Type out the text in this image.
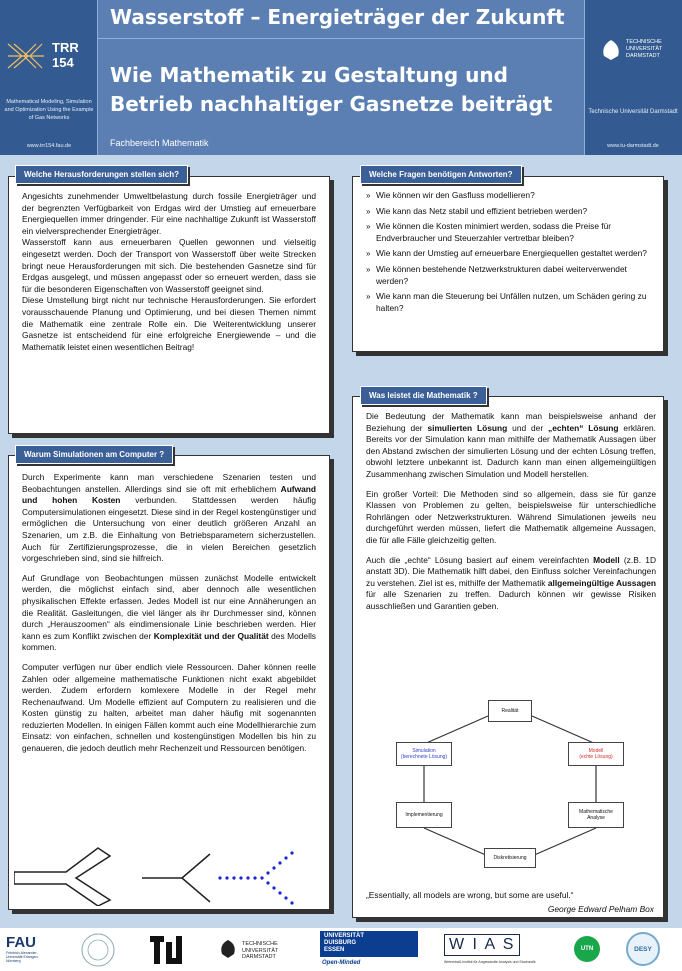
Wasserstoff – Energieträger der Zukunft
Wie Mathematik zu Gestaltung und
Betrieb nachhaltiger Gasnetze beiträgt
Fachbereich Mathematik
TRR 154
Mathematical Modeling, Simulation and Optimization Using the Example of Gas Networks
www.trr154.fau.de
TECHNISCHE UNIVERSITÄT DARMSTADT
Technische Universität Darmstadt
www.tu-darmstadt.de
Welche Herausforderungen stellen sich?

Angesichts zunehmender Umweltbelastung durch fossile Energieträger und der begrenzten Verfügbarkeit von Erdgas wird der Umstieg auf erneuerbare Energiequellen immer dringender. Für eine nachhaltige Zukunft ist Wasserstoff ein vielversprechender Energieträger.

Wasserstoff kann aus erneuerbaren Quellen gewonnen und vielseitig eingesetzt werden. Doch der Transport von Wasserstoff über weite Strecken bringt neue Herausforderungen mit sich. Die bestehenden Gasnetze sind für Erdgas ausgelegt, und müssen angepasst oder so erneuert werden, dass sie für die besonderen Eigenschaften von Wasserstoff geeignet sind.

Diese Umstellung birgt nicht nur technische Herausforderungen. Sie erfordert vorausschauende Planung und Optimierung, und bei diesen Themen nimmt die Mathematik eine zentrale Rolle ein. Die Weiterentwicklung unserer Gasnetze ist entscheidend für eine erfolgreiche Energiewende – und die Mathematik leistet einen wesentlichen Beitrag!

Welche Fragen benötigen Antworten?
» Wie können wir den Gasfluss modellieren?
» Wie kann das Netz stabil und effizient betrieben werden?
» Wie können die Kosten minimiert werden, sodass die Preise für Endverbraucher und Steuerzahler vertretbar bleiben?
» Wie kann der Umstieg auf erneuerbare Energiequellen gestaltet werden?
» Wie können bestehende Netzwerkstrukturen dabei weiterverwendet werden?
» Wie kann man die Steuerung bei Unfällen nutzen, um Schäden gering zu halten?
Warum Simulationen am Computer ?

Durch Experimente kann man verschiedene Szenarien testen und Beobachtungen anstellen. Allerdings sind sie oft mit erheblichem Aufwand und hohen Kosten verbunden. Stattdessen werden häufig Computersimulationen eingesetzt. Diese sind in der Regel kostengünstiger und ermöglichen die Untersuchung von einer deutlich größeren Anzahl an Szenarien, um z.B. die Einhaltung von Betriebsparametern sicherzustellen. Auch für Zertifizierungsprozesse, die in vielen Bereichen gesetzlich vorgeschrieben sind, sind sie hilfreich.

Auf Grundlage von Beobachtungen müssen zunächst Modelle entwickelt werden, die möglichst einfach sind, aber dennoch alle wesentlichen physikalischen Effekte erfassen. Jedes Modell ist nur eine Annäherungen an die Realität. Gasleitungen, die viel länger als ihr Durchmesser sind, können durch „Herauszoomen“ als eindimensionale Linie beschrieben werden. Hier kann es zum Konflikt zwischen der Komplexität und der Qualität des Modells kommen.

Computer verfügen nur über endlich viele Ressourcen. Daher können reelle Zahlen oder allgemeine mathematische Funktionen nicht exakt abgebildet werden. Zudem erfordern komlexere Modelle in der Regel mehr Rechenaufwand. Um Modelle effizient auf Computern zu realisieren und die Kosten günstig zu halten, arbeitet man daher häufig mit sogenannten reduzierten Modellen. In einigen Fällen kommt auch eine Modellhierarchie zum Einsatz: von einfachen, schnellen und kostengünstigen Modellen bis hin zu genaueren, die jedoch deutlich mehr Rechenzeit und Ressourcen benötigen.

Was leistet die Mathematik ?

Die Bedeutung der Mathematik kann man beispielsweise anhand der Beziehung der simulierten Lösung und der „echten“ Lösung erklären. Bereits vor der Simulation kann man mithilfe der Mathematik Aussagen über den Abstand zwischen der simulierten Lösung und der echten Lösung treffen, obwohl letztere unbekannt ist. Dadurch kann man einen allgemeingültigen Zusammenhang zwischen Simulation und Modell herstellen.

Ein großer Vorteil: Die Methoden sind so allgemein, dass sie für ganze Klassen von Problemen zu gelten, beispielsweise für unterschiedliche Rohrlängen oder Netzwerkstrukturen. Während Simulationen jeweils neu durchgeführt werden müssen, liefert die Mathematik allgemeine Aussagen, die für alle Fälle gleichzeitig gelten.

Auch die „echte“ Lösung basiert auf einem vereinfachten Modell (z.B. 1D anstatt 3D). Die Mathematik hilft dabei, den Einfluss solcher Vereinfachungen zu verstehen. Ziel ist es, mithilfe der Mathematik allgemeingültige Aussagen für alle Szenarien zu treffen. Dadurch können wir gewisse Risiken ausschließen und Garantien geben.

Realität
Simulation
(berechnete Lösung)
Modell
(echte Lösung)
Implementierung	Mathematische
Analyse
Diskretisierung
„Essentially, all models are wrong, but some are useful.“
George Edward Pelham Box
FAU
Friedrich-Alexander-Universität Erlangen-Nürnberg
TECHNISCHE UNIVERSITÄT DARMSTADT
UNIVERSITÄT
DUISBURG
ESSEN
Open-Minded
W I A S
Weierstraß-Institut für Angewandte Analysis und Stochastik
UTN	DESY
